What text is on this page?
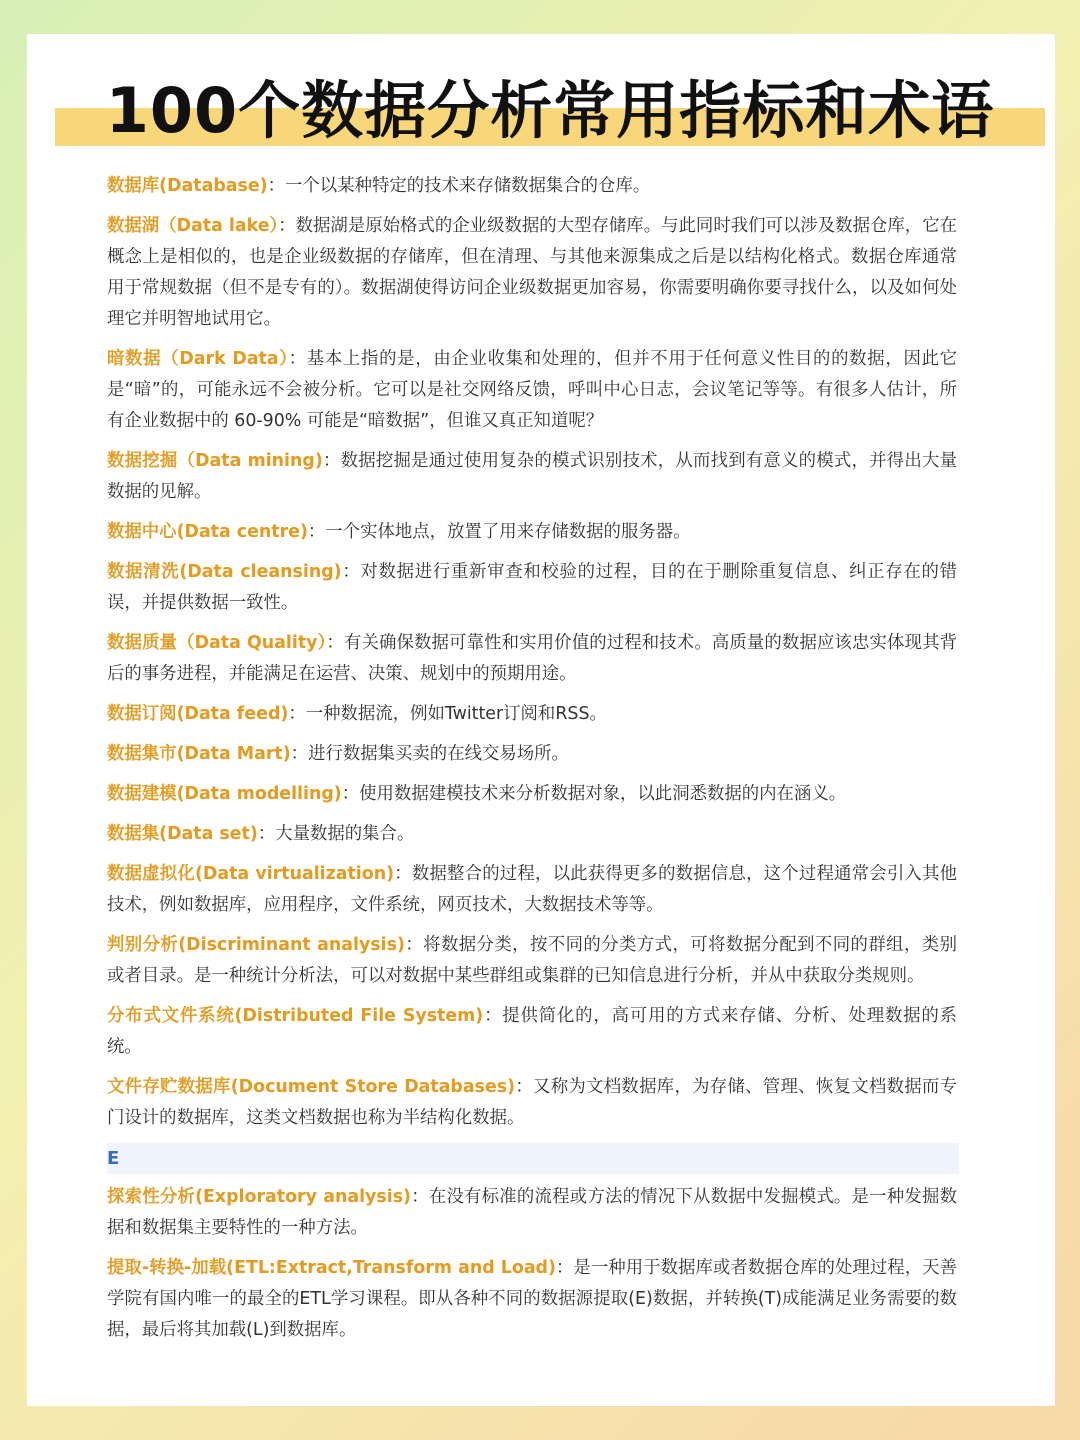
100个数据分析常用指标和术语

数据库(Database)：一个以某种特定的技术来存储数据集合的仓库。

数据湖（Data lake）：数据湖是原始格式的企业级数据的大型存储库。与此同时我们可以涉及数据仓库，它在概念上是相似的，也是企业级数据的存储库，但在清理、与其他来源集成之后是以结构化格式。数据仓库通常用于常规数据（但不是专有的）。数据湖使得访问企业级数据更加容易，你需要明确你要寻找什么，以及如何处理它并明智地试用它。

暗数据（Dark Data）：基本上指的是，由企业收集和处理的，但并不用于任何意义性目的的数据，因此它是“暗”的，可能永远不会被分析。它可以是社交网络反馈，呼叫中心日志，会议笔记等等。有很多人估计，所有企业数据中的 60-90% 可能是“暗数据”，但谁又真正知道呢？

数据挖掘（Data mining)：数据挖掘是通过使用复杂的模式识别技术，从而找到有意义的模式，并得出大量数据的见解。

数据中心(Data centre)：一个实体地点，放置了用来存储数据的服务器。

数据清洗(Data cleansing)：对数据进行重新审查和校验的过程，目的在于删除重复信息、纠正存在的错误，并提供数据一致性。

数据质量（Data Quality）：有关确保数据可靠性和实用价值的过程和技术。高质量的数据应该忠实体现其背后的事务进程，并能满足在运营、决策、规划中的预期用途。

数据订阅(Data feed)：一种数据流，例如Twitter订阅和RSS。

数据集市(Data Mart)：进行数据集买卖的在线交易场所。

数据建模(Data modelling)：使用数据建模技术来分析数据对象，以此洞悉数据的内在涵义。

数据集(Data set)：大量数据的集合。

数据虚拟化(Data virtualization)：数据整合的过程，以此获得更多的数据信息，这个过程通常会引入其他技术，例如数据库，应用程序，文件系统，网页技术，大数据技术等等。

判别分析(Discriminant analysis)：将数据分类，按不同的分类方式，可将数据分配到不同的群组，类别或者目录。是一种统计分析法，可以对数据中某些群组或集群的已知信息进行分析，并从中获取分类规则。

分布式文件系统(Distributed File System)：提供简化的，高可用的方式来存储、分析、处理数据的系统。

文件存贮数据库(Document Store Databases)：又称为文档数据库，为存储、管理、恢复文档数据而专门设计的数据库，这类文档数据也称为半结构化数据。

E

探索性分析(Exploratory analysis)：在没有标准的流程或方法的情况下从数据中发掘模式。是一种发掘数据和数据集主要特性的一种方法。

提取-转换-加载(ETL:Extract,Transform and Load)：是一种用于数据库或者数据仓库的处理过程，天善学院有国内唯一的最全的ETL学习课程。即从各种不同的数据源提取(E)数据，并转换(T)成能满足业务需要的数据，最后将其加载(L)到数据库。
